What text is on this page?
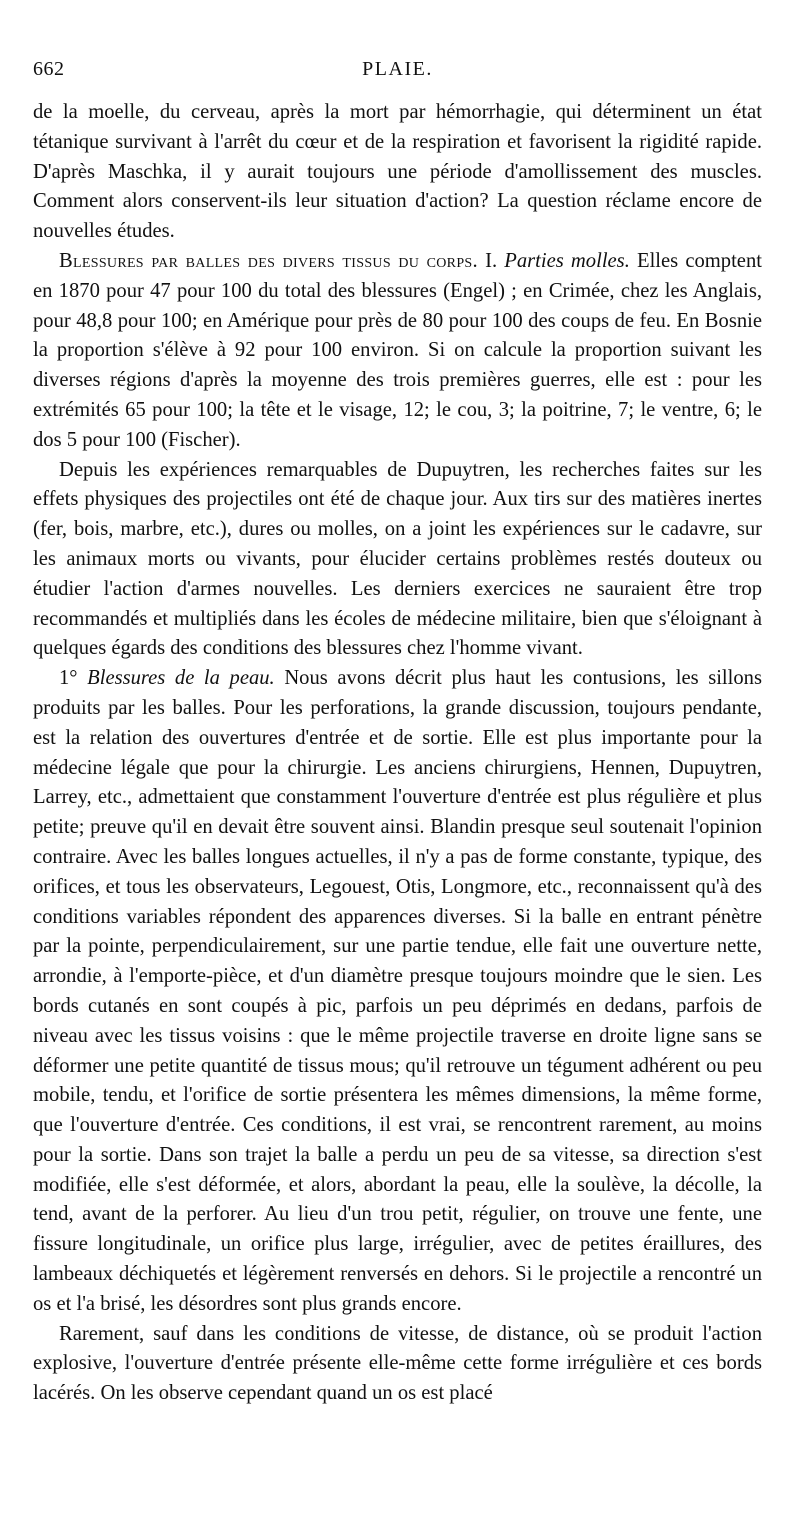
662	PLAIE.

de la moelle, du cerveau, après la mort par hémorrhagie, qui déterminent un état tétanique survivant à l'arrêt du cœur et de la respiration et favorisent la rigidité rapide. D'après Maschka, il y aurait toujours une période d'amollissement des muscles. Comment alors conservent-ils leur situation d'action? La question réclame encore de nouvelles études.

Blessures par balles des divers tissus du corps. I. Parties molles. Elles comptent en 1870 pour 47 pour 100 du total des blessures (Engel) ; en Crimée, chez les Anglais, pour 48,8 pour 100; en Amérique pour près de 80 pour 100 des coups de feu. En Bosnie la proportion s'élève à 92 pour 100 environ. Si on calcule la proportion suivant les diverses régions d'après la moyenne des trois premières guerres, elle est : pour les extrémités 65 pour 100; la tête et le visage, 12; le cou, 3; la poitrine, 7; le ventre, 6; le dos 5 pour 100 (Fischer).

Depuis les expériences remarquables de Dupuytren, les recherches faites sur les effets physiques des projectiles ont été de chaque jour. Aux tirs sur des matières inertes (fer, bois, marbre, etc.), dures ou molles, on a joint les expériences sur le cadavre, sur les animaux morts ou vivants, pour élucider certains problèmes restés douteux ou étudier l'action d'armes nouvelles. Les derniers exercices ne sauraient être trop recommandés et multipliés dans les écoles de médecine militaire, bien que s'éloignant à quelques égards des conditions des blessures chez l'homme vivant.

1° Blessures de la peau. Nous avons décrit plus haut les contusions, les sillons produits par les balles. Pour les perforations, la grande discussion, toujours pendante, est la relation des ouvertures d'entrée et de sortie. Elle est plus importante pour la médecine légale que pour la chirurgie. Les anciens chirurgiens, Hennen, Dupuytren, Larrey, etc., admettaient que constamment l'ouverture d'entrée est plus régulière et plus petite; preuve qu'il en devait être souvent ainsi. Blandin presque seul soutenait l'opinion contraire. Avec les balles longues actuelles, il n'y a pas de forme constante, typique, des orifices, et tous les observateurs, Legouest, Otis, Longmore, etc., reconnaissent qu'à des conditions variables répondent des apparences diverses. Si la balle en entrant pénètre par la pointe, perpendiculairement, sur une partie tendue, elle fait une ouverture nette, arrondie, à l'emporte-pièce, et d'un diamètre presque toujours moindre que le sien. Les bords cutanés en sont coupés à pic, parfois un peu déprimés en dedans, parfois de niveau avec les tissus voisins : que le même projectile traverse en droite ligne sans se déformer une petite quantité de tissus mous; qu'il retrouve un tégument adhérent ou peu mobile, tendu, et l'orifice de sortie présentera les mêmes dimensions, la même forme, que l'ouverture d'entrée. Ces conditions, il est vrai, se rencontrent rarement, au moins pour la sortie. Dans son trajet la balle a perdu un peu de sa vitesse, sa direction s'est modifiée, elle s'est déformée, et alors, abordant la peau, elle la soulève, la décolle, la tend, avant de la perforer. Au lieu d'un trou petit, régulier, on trouve une fente, une fissure longitudinale, un orifice plus large, irrégulier, avec de petites éraillures, des lambeaux déchiquetés et légèrement renversés en dehors. Si le projectile a rencontré un os et l'a brisé, les désordres sont plus grands encore.

Rarement, sauf dans les conditions de vitesse, de distance, où se produit l'action explosive, l'ouverture d'entrée présente elle-même cette forme irrégulière et ces bords lacérés. On les observe cependant quand un os est placé
